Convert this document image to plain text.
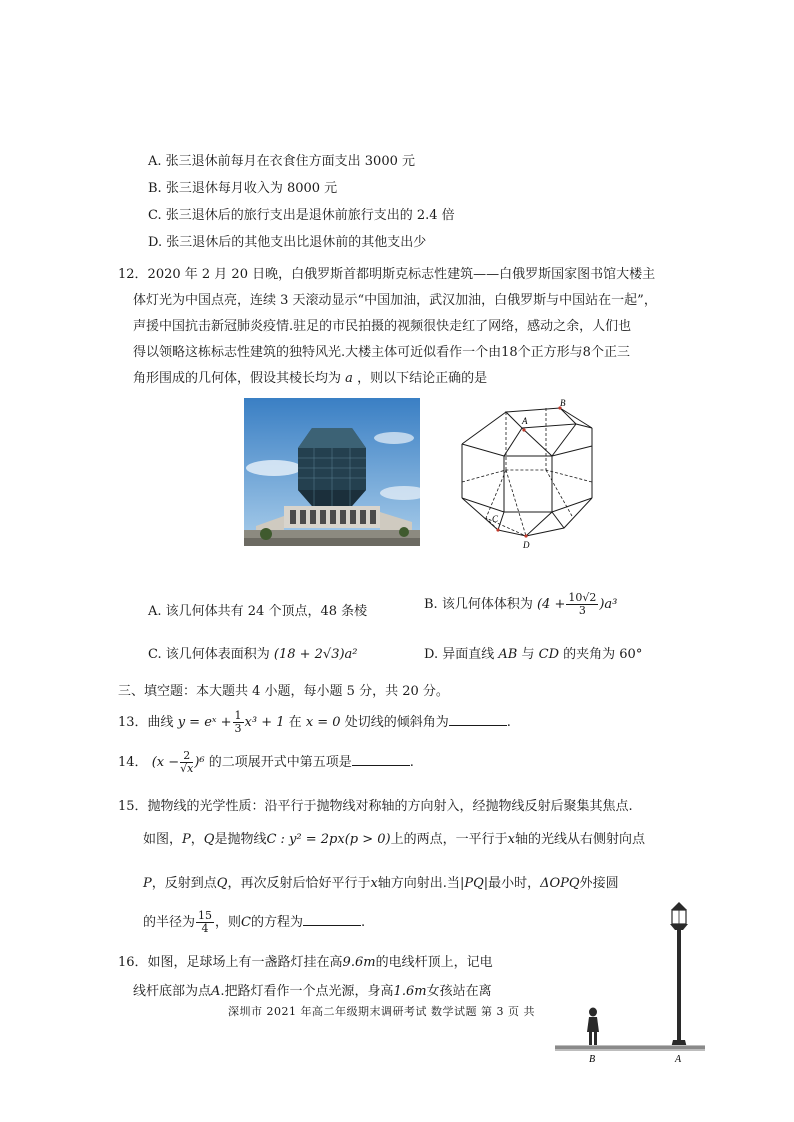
A. 张三退休前每月在衣食住方面支出 3000 元
B. 张三退休每月收入为 8000 元
C. 张三退休后的旅行支出是退休前旅行支出的 2.4 倍
D. 张三退休后的其他支出比退休前的其他支出少
12．2020 年 2 月 20 日晚，白俄罗斯首都明斯克标志性建筑——白俄罗斯国家图书馆大楼主
体灯光为中国点亮，连续 3 天滚动显示“中国加油，武汉加油，白俄罗斯与中国站在一起”，
声援中国抗击新冠肺炎疫情.驻足的市民拍摄的视频很快走红了网络，感动之余，人们也
得以领略这栋标志性建筑的独特风光.大楼主体可近似看作一个由18个正方形与8个正三
角形围成的几何体，假设其棱长均为 a ，则以下结论正确的是
A
B
C
D
A. 该几何体共有 24 个顶点，48 条棱	B. 该几何体体积为 $(4 + \frac{10√2}{3} )a^3$
C. 该几何体表面积为 (18 + 2√3)a²	D. 异面直线 AB 与 CD 的夹角为 60°
三、填空题：本大题共 4 小题，每小题 5 分，共 20 分。
13．曲线 y = eˣ + $\frac{1}{3} x^3 + 1$ 在 x = 0 处切线的倾斜角为	.
14． $(x - \frac{2}{√x} )^6$ 的二项展开式中第五项是	.
15．抛物线的光学性质：沿平行于抛物线对称轴的方向射入，经抛物线反射后聚集其焦点.
如图，P，Q是抛物线C : y² = 2px(p > 0)上的两点，一平行于x轴的光线从右侧射向点
P，反射到点Q，再次反射后恰好平行于x轴方向射出.当|PQ|最小时，ΔOPQ外接圆
的半径为 $\frac{15}{4}$ ，则C的方程为	.
16．如图，足球场上有一盏路灯挂在高9.6m的电线杆顶上，记电
线杆底部为点A.把路灯看作一个点光源，身高1.6m女孩站在离
深圳市 2021 年高二年级期末调研考试 数学试题 第 3 页 共
B	A
